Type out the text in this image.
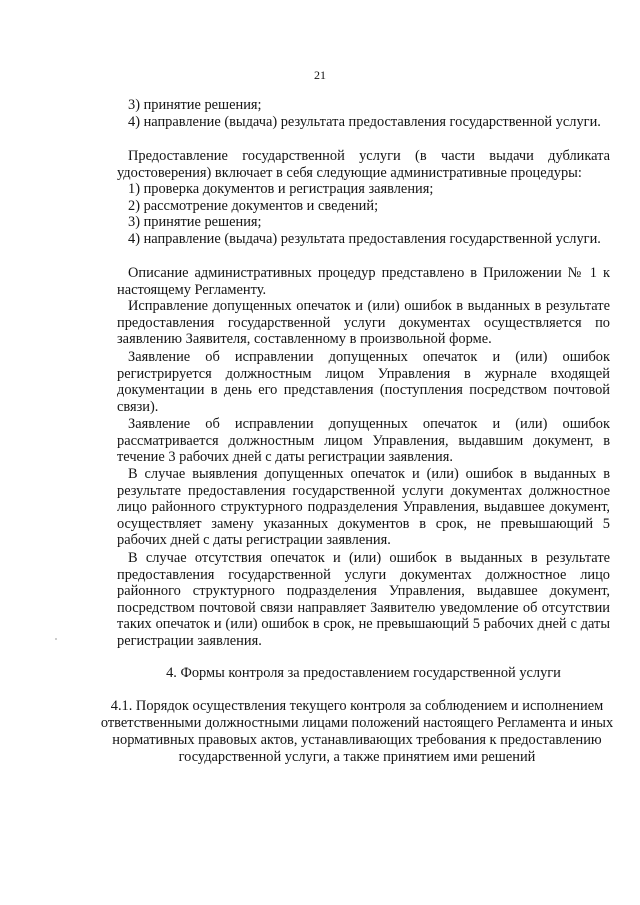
21

3) принятие решения;

4) направление (выдача) результата предоставления государственной услуги.

Предоставление государственной услуги (в части выдачи дубликата удостоверения) включает в себя следующие административные процедуры:

1) проверка документов и регистрация заявления;

2) рассмотрение документов и сведений;

3) принятие решения;

4) направление (выдача) результата предоставления государственной услуги.

Описание административных процедур представлено в Приложении № 1 к настоящему Регламенту.

Исправление допущенных опечаток и (или) ошибок в выданных в результате предоставления государственной услуги документах осуществляется по заявлению Заявителя, составленному в произвольной форме.

Заявление об исправлении допущенных опечаток и (или) ошибок регистрируется должностным лицом Управления в журнале входящей документации в день его представления (поступления посредством почтовой связи).

Заявление об исправлении допущенных опечаток и (или) ошибок рассматривается должностным лицом Управления, выдавшим документ, в течение 3 рабочих дней с даты регистрации заявления.

В случае выявления допущенных опечаток и (или) ошибок в выданных в результате предоставления государственной услуги документах должностное лицо районного структурного подразделения Управления, выдавшее документ, осуществляет замену указанных документов в срок, не превышающий 5 рабочих дней с даты регистрации заявления.

В случае отсутствия опечаток и (или) ошибок в выданных в результате предоставления государственной услуги документах должностное лицо районного структурного подразделения Управления, выдавшее документ, посредством почтовой связи направляет Заявителю уведомление об отсутствии таких опечаток и (или) ошибок в срок, не превышающий 5 рабочих дней с даты регистрации заявления.

4. Формы контроля за предоставлением государственной услуги
4.1. Порядок осуществления текущего контроля за соблюдением и исполнением ответственными должностными лицами положений настоящего Регламента и иных нормативных правовых актов, устанавливающих требования к предоставлению государственной услуги, а также принятием ими решений
